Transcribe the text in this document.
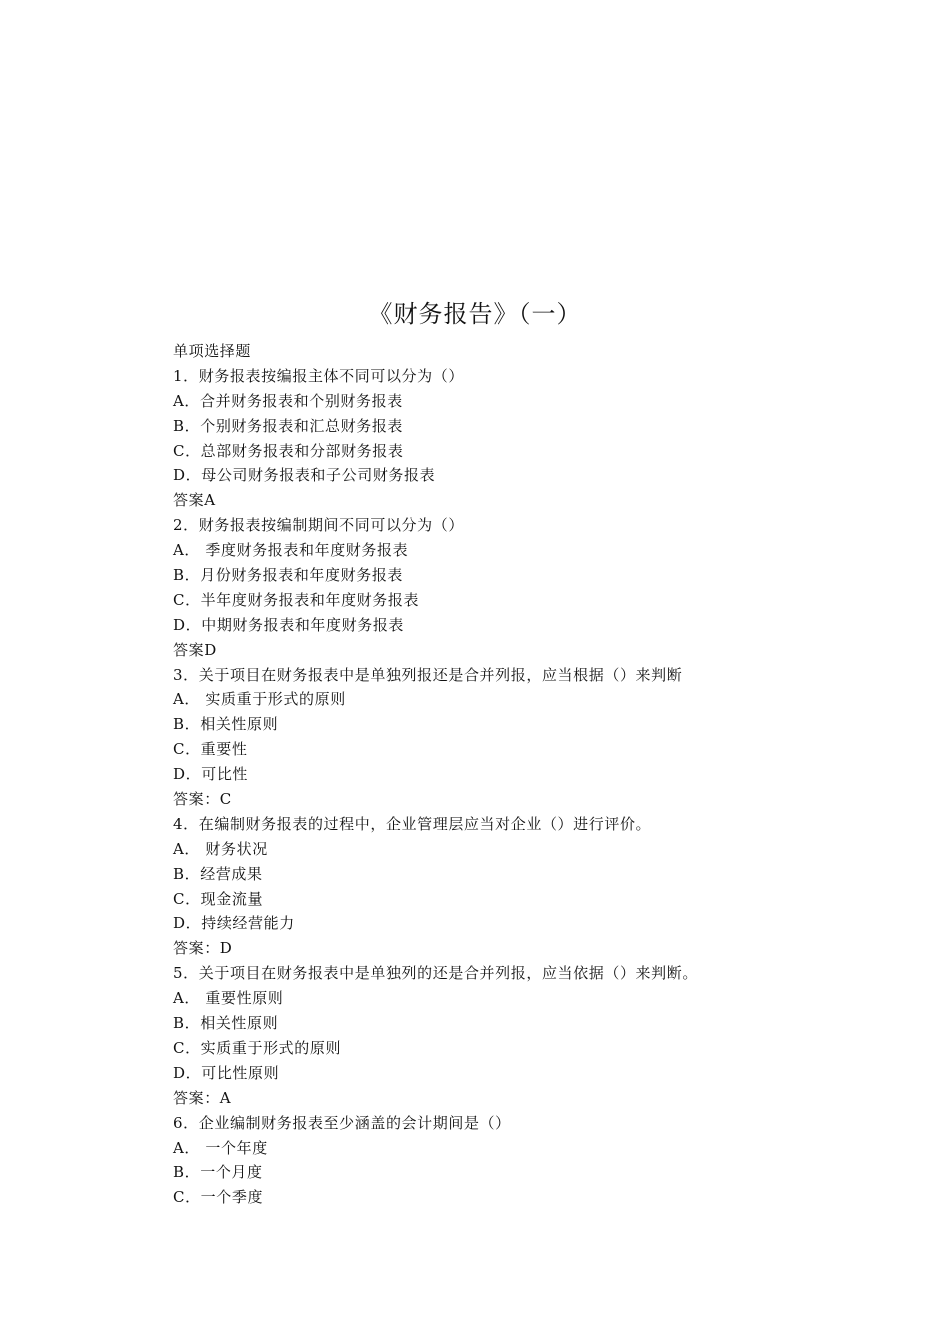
《财务报告》（一）
单项选择题
1．财务报表按编报主体不同可以分为（）
A．合并财务报表和个别财务报表
B．个别财务报表和汇总财务报表
C．总部财务报表和分部财务报表
D．母公司财务报表和子公司财务报表
答案A
2．财务报表按编制期间不同可以分为（）
A． 季度财务报表和年度财务报表
B．月份财务报表和年度财务报表
C．半年度财务报表和年度财务报表
D．中期财务报表和年度财务报表
答案D
3．关于项目在财务报表中是单独列报还是合并列报，应当根据（）来判断
A． 实质重于形式的原则
B．相关性原则
C．重要性
D．可比性
答案：C
4．在编制财务报表的过程中，企业管理层应当对企业（）进行评价。
A． 财务状况
B．经营成果
C．现金流量
D．持续经营能力
答案：D
5．关于项目在财务报表中是单独列的还是合并列报，应当依据（）来判断。
A． 重要性原则
B．相关性原则
C．实质重于形式的原则
D．可比性原则
答案：A
6．企业编制财务报表至少涵盖的会计期间是（）
A． 一个年度
B．一个月度
C．一个季度
